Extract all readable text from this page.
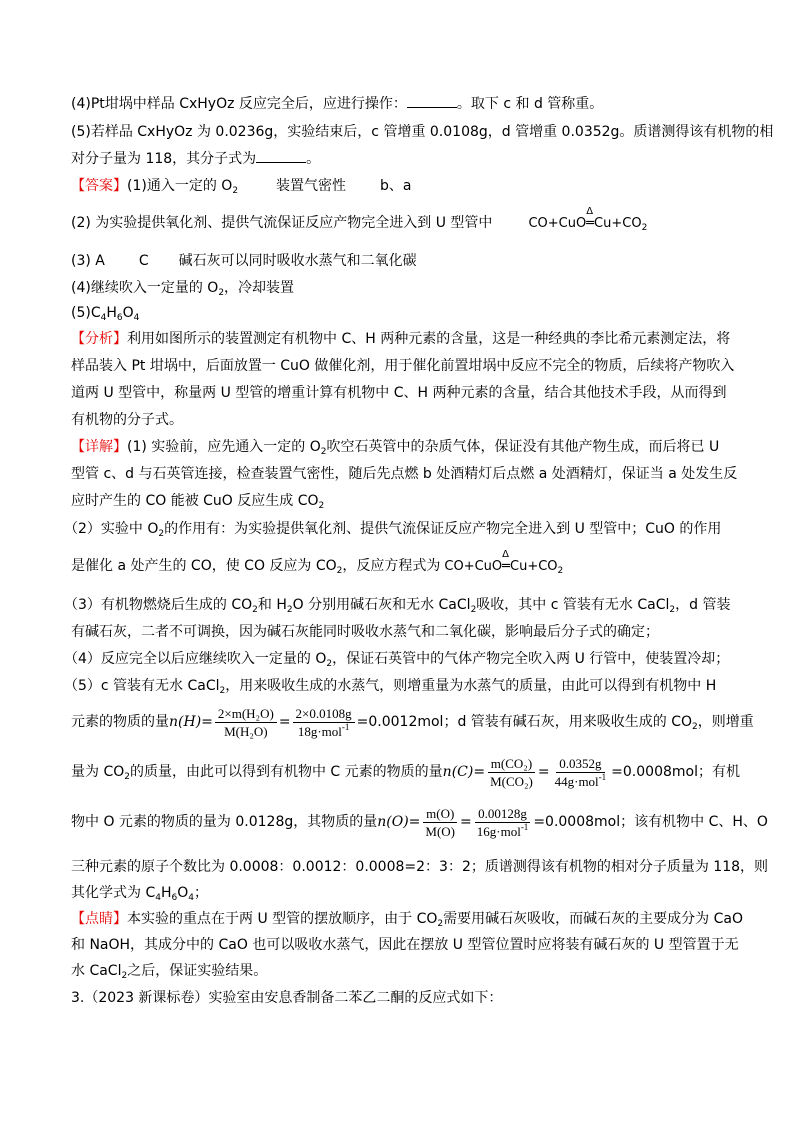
(4)Pt坩埚中样品 CxHyOz 反应完全后，应进行操作：	。取下 c 和 d 管称重。
(5)若样品 CxHyOz 为 0.0236g，实验结束后，c 管增重 0.0108g，d 管增重 0.0352g。质谱测得该有机物的相
对分子量为 118，其分子式为	。
【答案】(1)通入一定的 $O_2$	装置气密性 b、a
(2) 为实验提供氧化剂、提供气流保证反应产物完全进入到 U 型管中	CO+CuO
Δ
$═Cu+CO_2$
(3) A C 碱石灰可以同时吸收水蒸气和二氧化碳
(4)继续吹入一定量的 $O_2$，冷却装置
$(5)C_4H_6O_4$
【分析】利用如图所示的装置测定有机物中 C、H 两种元素的含量，这是一种经典的李比希元素测定法，将
样品装入 Pt 坩埚中，后面放置一 CuO 做催化剂，用于催化前置坩埚中反应不完全的物质，后续将产物吹入
道两 U 型管中，称量两 U 型管的增重计算有机物中 C、H 两种元素的含量，结合其他技术手段，从而得到
有机物的分子式。
【详解】(1) 实验前，应先通入一定的 $O_2$吹空石英管中的杂质气体，保证没有其他产物生成，而后将已 U
型管 c、d 与石英管连接，检查装置气密性，随后先点燃 b 处酒精灯后点燃 a 处酒精灯，保证当 a 处发生反
应时产生的 CO 能被 CuO 反应生成 $CO_2$
（2）实验中 $O_2$的作用有：为实验提供氧化剂、提供气流保证反应产物完全进入到 U 型管中；CuO 的作用
是催化 a 处产生的 CO，使 CO 反应为 $CO_2$，反应方程式为 CO+CuO
Δ
$═Cu+CO_2$
（3）有机物燃烧后生成的 $CO_2$和 $H_2O$ 分别用碱石灰和无水 CaCl$_2$吸收，其中 c 管装有无水 CaCl$_2$，d 管装
有碱石灰，二者不可调换，因为碱石灰能同时吸收水蒸气和二氧化碳，影响最后分子式的确定；
（4）反应完全以后应继续吹入一定量的 $O_2$，保证石英管中的气体产物完全吹入两 U 行管中，使装置冷却；
（5）c 管装有无水 CaCl$_2$，用来吸收生成的水蒸气，则增重量为水蒸气的质量，由此可以得到有机物中 H
元素的物质的量$n(H)= \frac{\text{2×m(H₂O)}}{\text{M(H₂O)}} = \frac{2\times 0.0108g}{18g\cdot mol^{-1}} =0.0012mol$；d 管装有碱石灰，用来吸收生成的 $CO_2$，则增重
量为 $CO_2$的质量，由此可以得到有机物中 C 元素的物质的量$n(C)= \frac{\text{m(CO₂)}}{\text{M(CO₂)}} = \frac{0.0352g}{44g\cdot mol^{-1}} =0.0008mol$；有机
物中 O 元素的物质的量为 0.0128g，其物质的量$n(O)= \frac{m(O)}{M(O)} = \frac{0.00128g}{16g\cdot mol^{-1}} =0.0008mol$；该有机物中 C、H、O
三种元素的原子个数比为 0.0008：0.0012：0.0008=2：3：2；质谱测得该有机物的相对分子质量为 118，则
其化学式为 $C_4H_6O_4$；
【点睛】本实验的重点在于两 U 型管的摆放顺序，由于 $CO_2$需要用碱石灰吸收，而碱石灰的主要成分为 CaO
和 NaOH，其成分中的 CaO 也可以吸收水蒸气，因此在摆放 U 型管位置时应将装有碱石灰的 U 型管置于无
水 CaCl$_2$之后，保证实验结果。
3.（2023 新课标卷）实验室由安息香制备二苯乙二酮的反应式如下：
